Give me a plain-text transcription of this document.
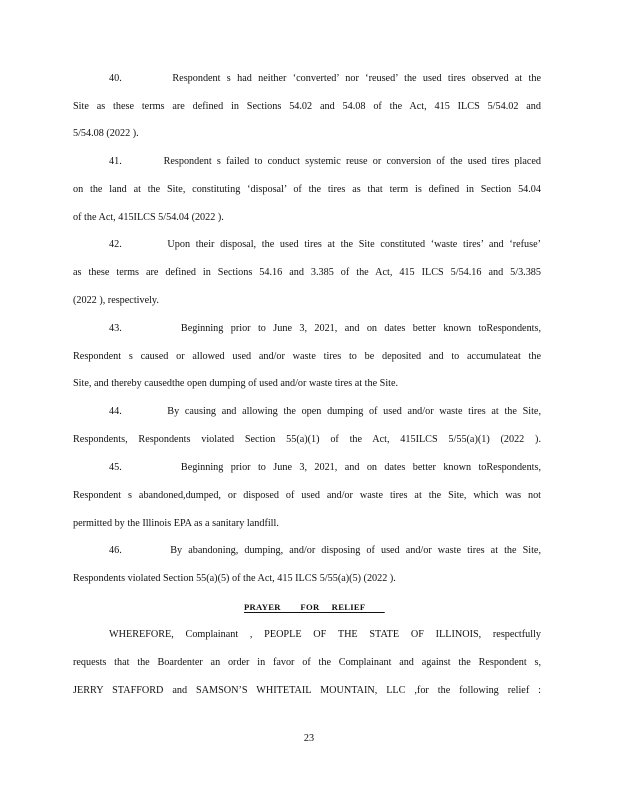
40.	Respondent s had neither ‘converted’ nor ‘reused’ the used tires observed at the
Site as these terms are defined in Sections 54.02 and 54.08 of the Act, 415 ILCS 5/54.02 and
5/54.08 (2022 ).
41.	Respondent s failed to conduct systemic reuse or conversion of the used tires placed
on the land at the Site, constituting ‘disposal’ of the tires as that term is defined in Section 54.04
of the Act, 415ILCS 5/54.04 (2022 ).
42.	Upon their disposal, the used tires at the Site constituted ‘waste tires’ and ‘refuse’
as these terms are defined in Sections 54.16 and 3.385 of the Act, 415 ILCS 5/54.16 and 5/3.385
(2022 ), respectively.
43.	Beginning prior to June 3, 2021, and on dates better known toRespondents,
Respondent s caused or allowed used and/or waste tires to be deposited and to accumulateat the
Site, and thereby causedthe open dumping of used and/or waste tires at the Site.
44.	By causing and allowing the open dumping of used and/or waste tires at the Site,
Respondents, Respondents violated Section 55(a)(1) of the Act, 415ILCS 5/55(a)(1) (2022 ).
45.	Beginning prior to June 3, 2021, and on dates better known toRespondents,
Respondent s abandoned,dumped, or disposed of used and/or waste tires at the Site, which was not
permitted by the Illinois EPA as a sanitary landfill.
46.	By abandoning, dumping, and/or disposing of used and/or waste tires at the Site,
Respondents violated Section 55(a)(5) of the Act, 415 ILCS 5/55(a)(5) (2022 ).
PRAYER        FOR     RELIEF
WHEREFORE, Complainant , PEOPLE OF THE STATE OF ILLINOIS, respectfully
requests that the Boardenter an order in favor of the Complainant and against the Respondent s,
JERRY STAFFORD and SAMSON’S WHITETAIL MOUNTAIN, LLC ,for the following relief :
23
